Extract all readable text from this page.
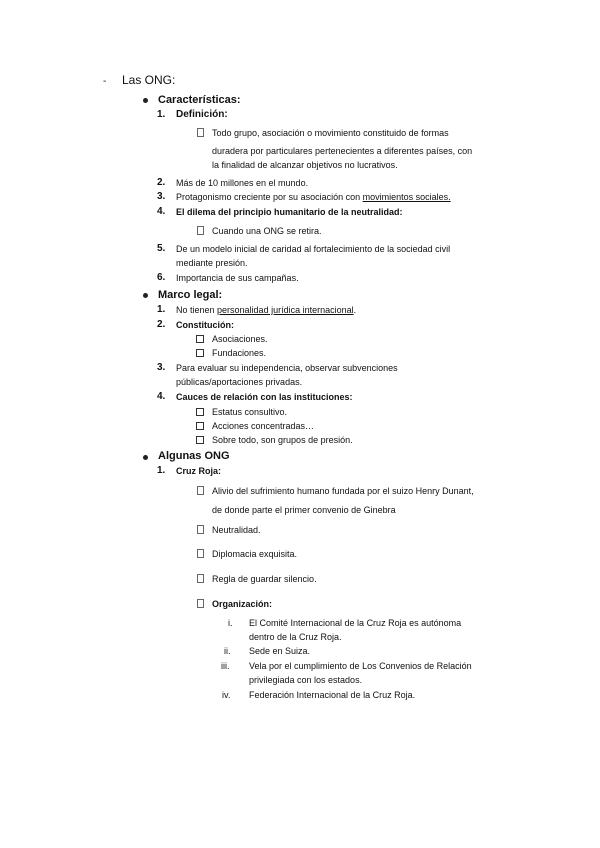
- Las ONG:
Características:
1. Definición:
Todo grupo, asociación o movimiento constituido de formas
duradera por particulares pertenecientes a diferentes países, con
la finalidad de alcanzar objetivos no lucrativos.
2. Más de 10 millones en el mundo.
3. Protagonismo creciente por su asociación con movimientos sociales.
4. El dilema del principio humanitario de la neutralidad:
Cuando una ONG se retira.
5. De un modelo inicial de caridad al fortalecimiento de la sociedad civil
mediante presión.
6. Importancia de sus campañas.
Marco legal:
1. No tienen personalidad jurídica internacional.
2. Constitución:
Asociaciones.
Fundaciones.
3. Para evaluar su independencia, observar subvenciones
públicas/aportaciones privadas.
4. Cauces de relación con las instituciones:
Estatus consultivo.
Acciones concentradas…
Sobre todo, son grupos de presión.
Algunas ONG
1. Cruz Roja:
Alivio del sufrimiento humano fundada por el suizo Henry Dunant,
de donde parte el primer convenio de Ginebra
Neutralidad.
Diplomacia exquisita.
Regla de guardar silencio.
Organización:
i. El Comité Internacional de la Cruz Roja es autónoma
dentro de la Cruz Roja.
ii. Sede en Suiza.
iii. Vela por el cumplimiento de Los Convenios de Relación
privilegiada con los estados.
iv. Federación Internacional de la Cruz Roja.
